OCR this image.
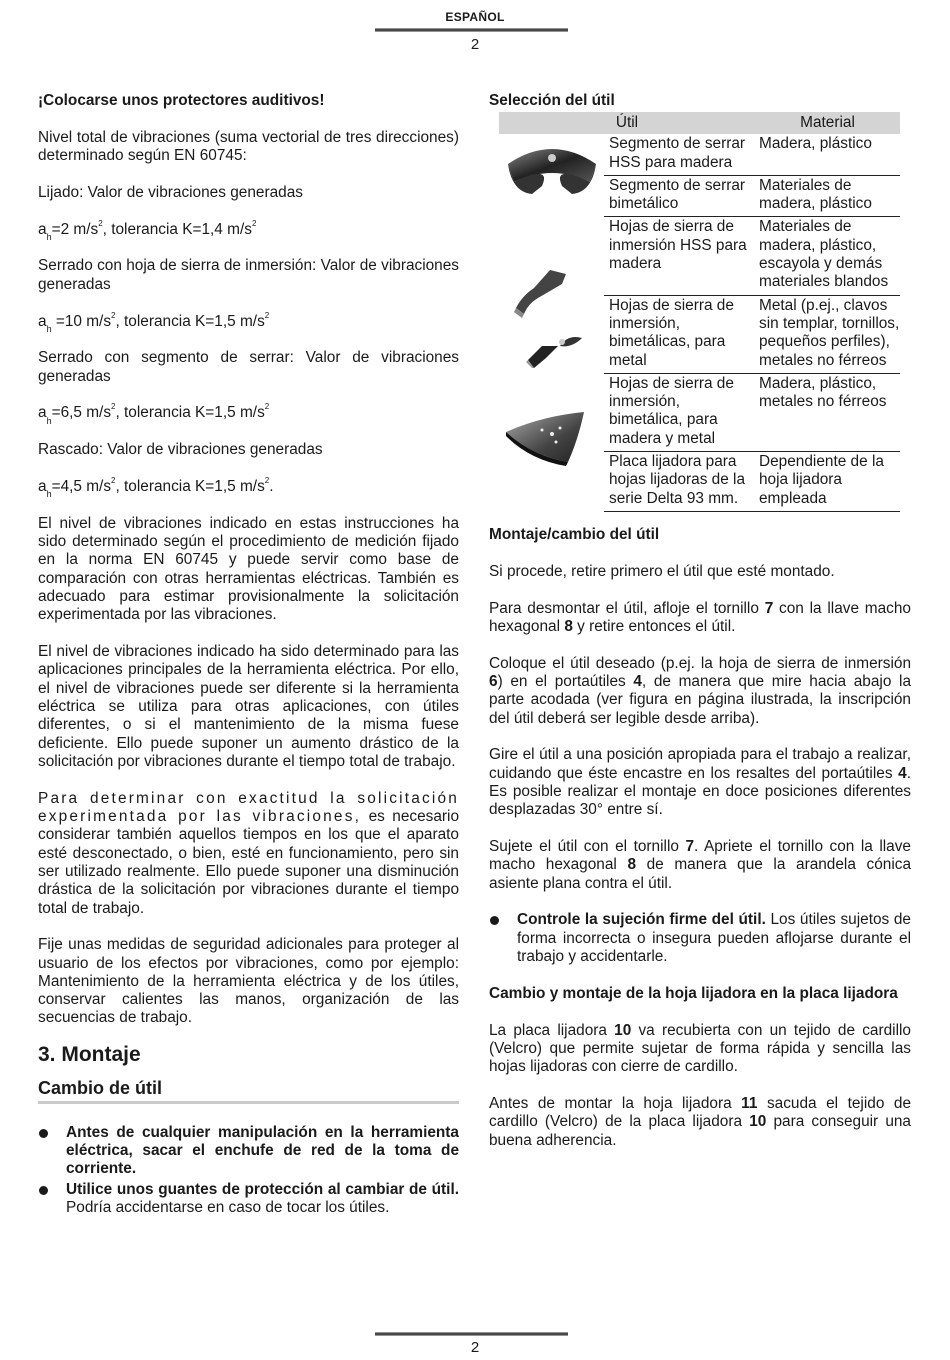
ESPAÑOL
2

¡Colocarse unos protectores auditivos!

Nivel total de vibraciones (suma vectorial de tres direcciones) determinado según EN 60745:

Lijado: Valor de vibraciones generadas

$a_h=2$ $m/s^2$, tolerancia K=1,4 $m/s^2$

Serrado con hoja de sierra de inmersión: Valor de vibraciones generadas

$a_h =10$ $m/s^2$, tolerancia K=1,5 $m/s^2$

Serrado con segmento de serrar: Valor de vibraciones generadas

$a_h=6,5$ $m/s^2$, tolerancia K=1,5 $m/s^2$

Rascado: Valor de vibraciones generadas

$a_h=4,5$ $m/s^2$, tolerancia K=1,5 $m/s^2$.

El nivel de vibraciones indicado en estas instrucciones ha sido determinado según el procedimiento de medición fijado en la norma EN 60745 y puede servir como base de comparación con otras herramientas eléctricas. También es adecuado para estimar provisionalmente la solicitación experimentada por las vibraciones.

El nivel de vibraciones indicado ha sido determinado para las aplicaciones principales de la herramienta eléctrica. Por ello, el nivel de vibraciones puede ser diferente si la herramienta eléctrica se utiliza para otras aplicaciones, con útiles diferentes, o si el mantenimiento de la misma fuese deficiente. Ello puede suponer un aumento drástico de la solicitación por vibraciones durante el tiempo total de trabajo.

Para determinar con exactitud la solicitación experimentada por las vibraciones, es necesario considerar también aquellos tiempos en los que el aparato esté desconectado, o bien, esté en funcionamiento, pero sin ser utilizado realmente. Ello puede suponer una disminución drástica de la solicitación por vibraciones durante el tiempo total de trabajo.

Fije unas medidas de seguridad adicionales para proteger al usuario de los efectos por vibraciones, como por ejemplo: Mantenimiento de la herramienta eléctrica y de los útiles, conservar calientes las manos, organización de las secuencias de trabajo.

3. Montaje
Cambio de útil
Antes de cualquier manipulación en la herramienta eléctrica, sacar el enchufe de red de la toma de corriente.
Utilice unos guantes de protección al cambiar de útil. Podría accidentarse en caso de tocar los útiles.
Selección del útil
Útil		Material
	Segmento de serrar HSS para madera	Madera, plástico
	Segmento de serrar bimetálico	Materiales de madera, plástico
	Hojas de sierra de inmersión HSS para madera	Materiales de madera, plástico, escayola y demás materiales blandos
	Hojas de sierra de inmersión, bimetálicas, para metal	Metal (p.ej., clavos sin templar, tornillos, pequeños perfiles), metales no férreos
	Hojas de sierra de inmersión, bimetálica, para madera y metal	Madera, plástico, metales no férreos
	Placa lijadora para hojas lijadoras de la serie Delta 93 mm.	Dependiente de la hoja lijadora empleada

Montaje/cambio del útil

Si procede, retire primero el útil que esté montado.

Para desmontar el útil, afloje el tornillo 7 con la llave macho hexagonal 8 y retire entonces el útil.

Coloque el útil deseado (p.ej. la hoja de sierra de inmersión 6) en el portaútiles 4, de manera que mire hacia abajo la parte acodada (ver figura en página ilustrada, la inscripción del útil deberá ser legible desde arriba).

Gire el útil a una posición apropiada para el trabajo a realizar, cuidando que éste encastre en los resaltes del portaútiles 4. Es posible realizar el montaje en doce posiciones diferentes desplazadas 30° entre sí.

Sujete el útil con el tornillo 7. Apriete el tornillo con la llave macho hexagonal 8 de manera que la arandela cónica asiente plana contra el útil.

Controle la sujeción firme del útil. Los útiles sujetos de forma incorrecta o insegura pueden aflojarse durante el trabajo y accidentarle.

Cambio y montaje de la hoja lijadora en la placa lijadora

La placa lijadora 10 va recubierta con un tejido de cardillo (Velcro) que permite sujetar de forma rápida y sencilla las hojas lijadoras con cierre de cardillo.

Antes de montar la hoja lijadora 11 sacuda el tejido de cardillo (Velcro) de la placa lijadora 10 para conseguir una buena adherencia.

2
